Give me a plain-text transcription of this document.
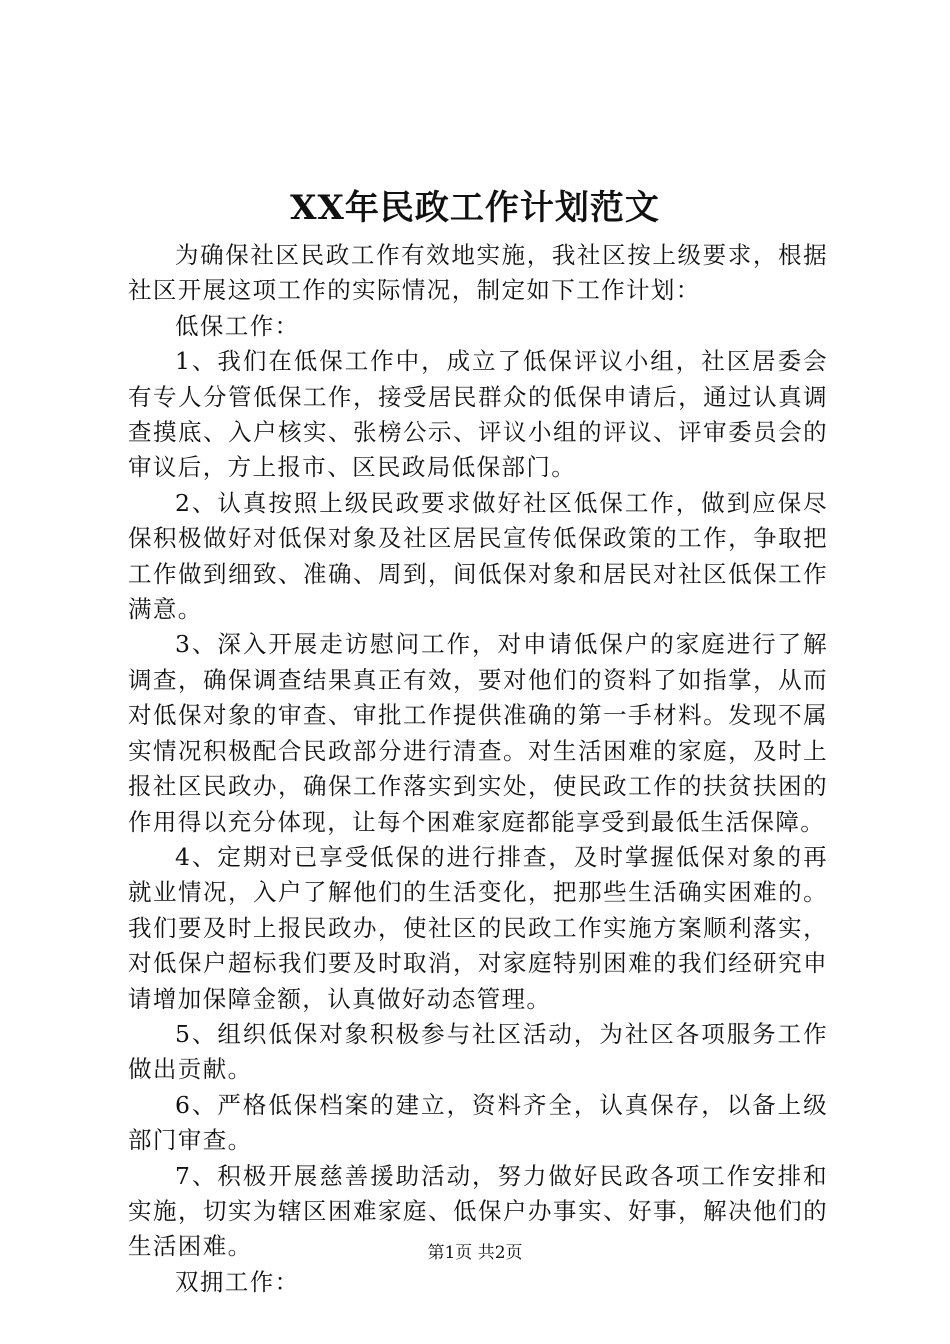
XX年民政工作计划范文

为确保社区民政工作有效地实施，我社区按上级要求，根据社区开展这项工作的实际情况，制定如下工作计划：

低保工作：

1、我们在低保工作中，成立了低保评议小组，社区居委会有专人分管低保工作，接受居民群众的低保申请后，通过认真调查摸底、入户核实、张榜公示、评议小组的评议、评审委员会的审议后，方上报市、区民政局低保部门。

2、认真按照上级民政要求做好社区低保工作，做到应保尽保积极做好对低保对象及社区居民宣传低保政策的工作，争取把工作做到细致、准确、周到，间低保对象和居民对社区低保工作满意。

3、深入开展走访慰问工作，对申请低保户的家庭进行了解调查，确保调查结果真正有效，要对他们的资料了如指掌，从而对低保对象的审查、审批工作提供准确的第一手材料。发现不属实情况积极配合民政部分进行清查。对生活困难的家庭，及时上报社区民政办，确保工作落实到实处，使民政工作的扶贫扶困的作用得以充分体现，让每个困难家庭都能享受到最低生活保障。

4、定期对已享受低保的进行排查，及时掌握低保对象的再就业情况，入户了解他们的生活变化，把那些生活确实困难的。我们要及时上报民政办，使社区的民政工作实施方案顺利落实，对低保户超标我们要及时取消，对家庭特别困难的我们经研究申请增加保障金额，认真做好动态管理。

5、组织低保对象积极参与社区活动，为社区各项服务工作做出贡献。

6、严格低保档案的建立，资料齐全，认真保存，以备上级部门审查。

7、积极开展慈善援助活动，努力做好民政各项工作安排和实施，切实为辖区困难家庭、低保户办事实、好事，解决他们的生活困难。

双拥工作：

第1页 共2页
